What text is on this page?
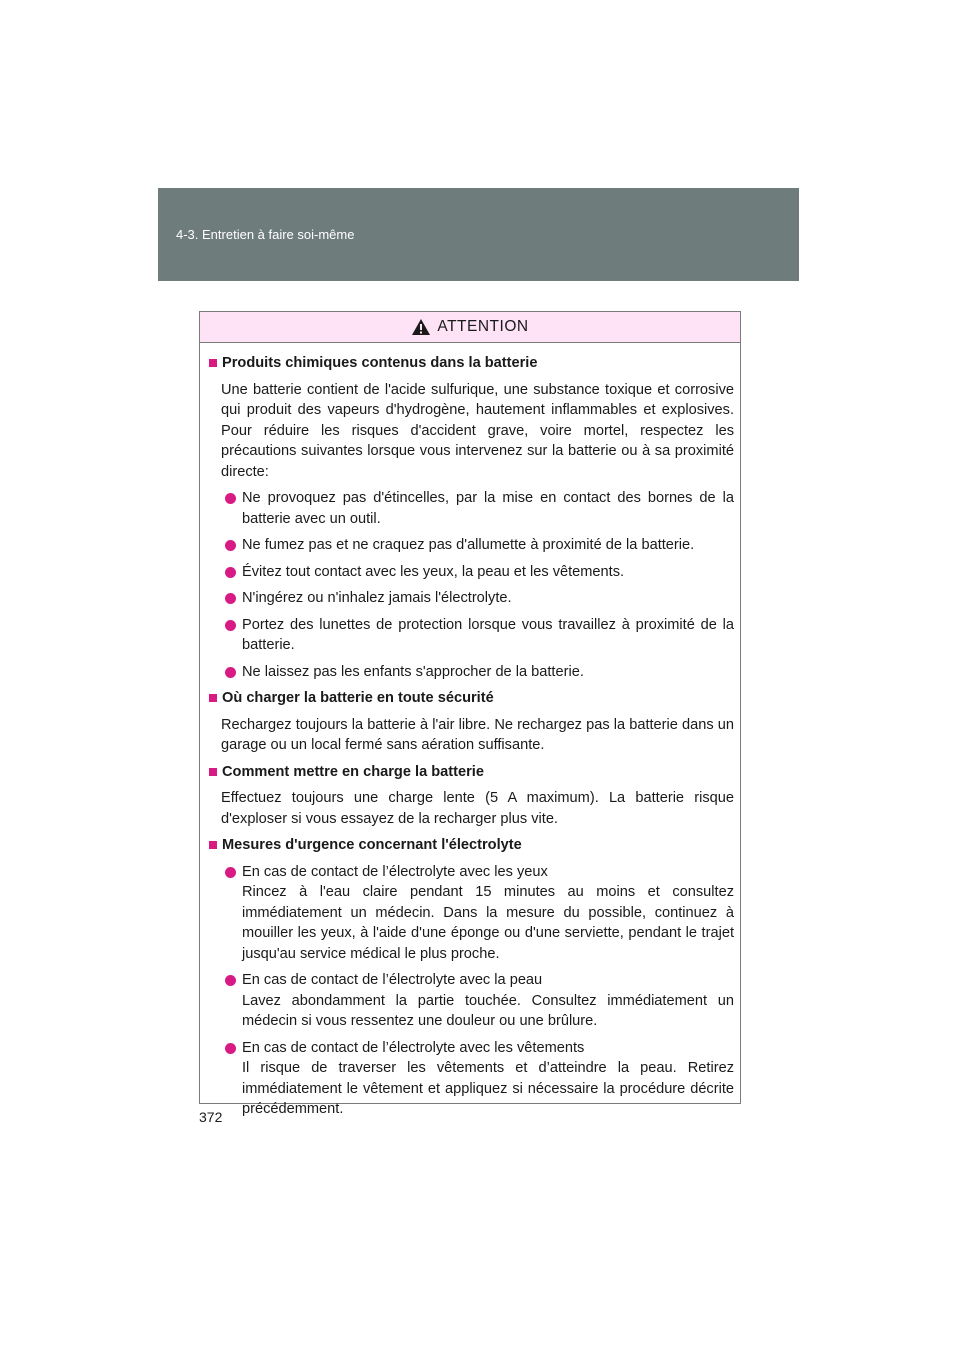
4-3. Entretien à faire soi-même
ATTENTION
Produits chimiques contenus dans la batterie
Une batterie contient de l'acide sulfurique, une substance toxique et corrosive qui produit des vapeurs d'hydrogène, hautement inflammables et explosives. Pour réduire les risques d'accident grave, voire mortel, respectez les précautions suivantes lorsque vous intervenez sur la batterie ou à sa proximité directe:
Ne provoquez pas d'étincelles, par la mise en contact des bornes de la batterie avec un outil.
Ne fumez pas et ne craquez pas d'allumette à proximité de la batterie.
Évitez tout contact avec les yeux, la peau et les vêtements.
N'ingérez ou n'inhalez jamais l'électrolyte.
Portez des lunettes de protection lorsque vous travaillez à proximité de la batterie.
Ne laissez pas les enfants s'approcher de la batterie.
Où charger la batterie en toute sécurité
Rechargez toujours la batterie à l'air libre. Ne rechargez pas la batterie dans un garage ou un local fermé sans aération suffisante.
Comment mettre en charge la batterie
Effectuez toujours une charge lente (5 A maximum). La batterie risque d'exploser si vous essayez de la recharger plus vite.
Mesures d'urgence concernant l'électrolyte
En cas de contact de l’électrolyte avec les yeux
Rincez à l'eau claire pendant 15 minutes au moins et consultez immédiatement un médecin. Dans la mesure du possible, continuez à mouiller les yeux, à l'aide d'une éponge ou d'une serviette, pendant le trajet jusqu'au service médical le plus proche.
En cas de contact de l’électrolyte avec la peau
Lavez abondamment la partie touchée. Consultez immédiatement un médecin si vous ressentez une douleur ou une brûlure.
En cas de contact de l’électrolyte avec les vêtements
Il risque de traverser les vêtements et d’atteindre la peau. Retirez immédiatement le vêtement et appliquez si nécessaire la procédure décrite précédemment.
372
